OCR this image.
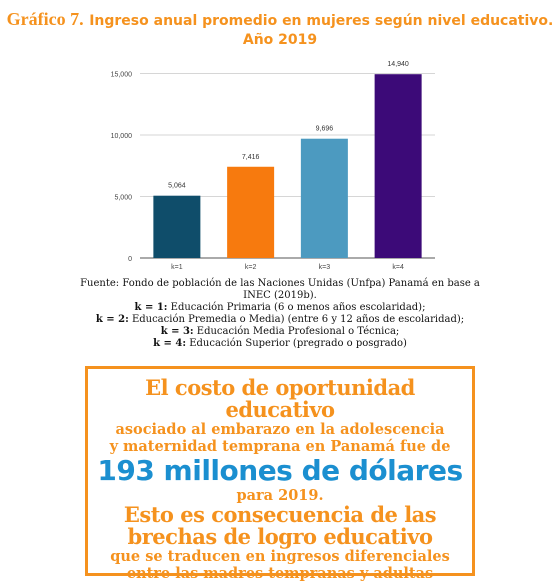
Gráfico 7. Ingreso anual promedio en mujeres según nivel educativo.
Año 2019
0
5,000
10,000
15,000
5,064
k=1
7,416
k=2
9,696
k=3
14,940
k=4
Fuente: Fondo de población de las Naciones Unidas (Unfpa) Panamá en base a INEC (2019b).
k = 1: Educación Primaria (6 o menos años escolaridad);
k = 2: Educación Premedia o Media) (entre 6 y 12 años de escolaridad);
k = 3: Educación Media Profesional o Técnica;
k = 4: Educación Superior (pregrado o posgrado)
El costo de oportunidad educativo
asociado al embarazo en la adolescencia
y maternidad temprana en Panamá fue de
193 millones de dólares
para 2019.
Esto es consecuencia de las
brechas de logro educativo
que se traducen en ingresos diferenciales
entre las madres tempranas y adultas
